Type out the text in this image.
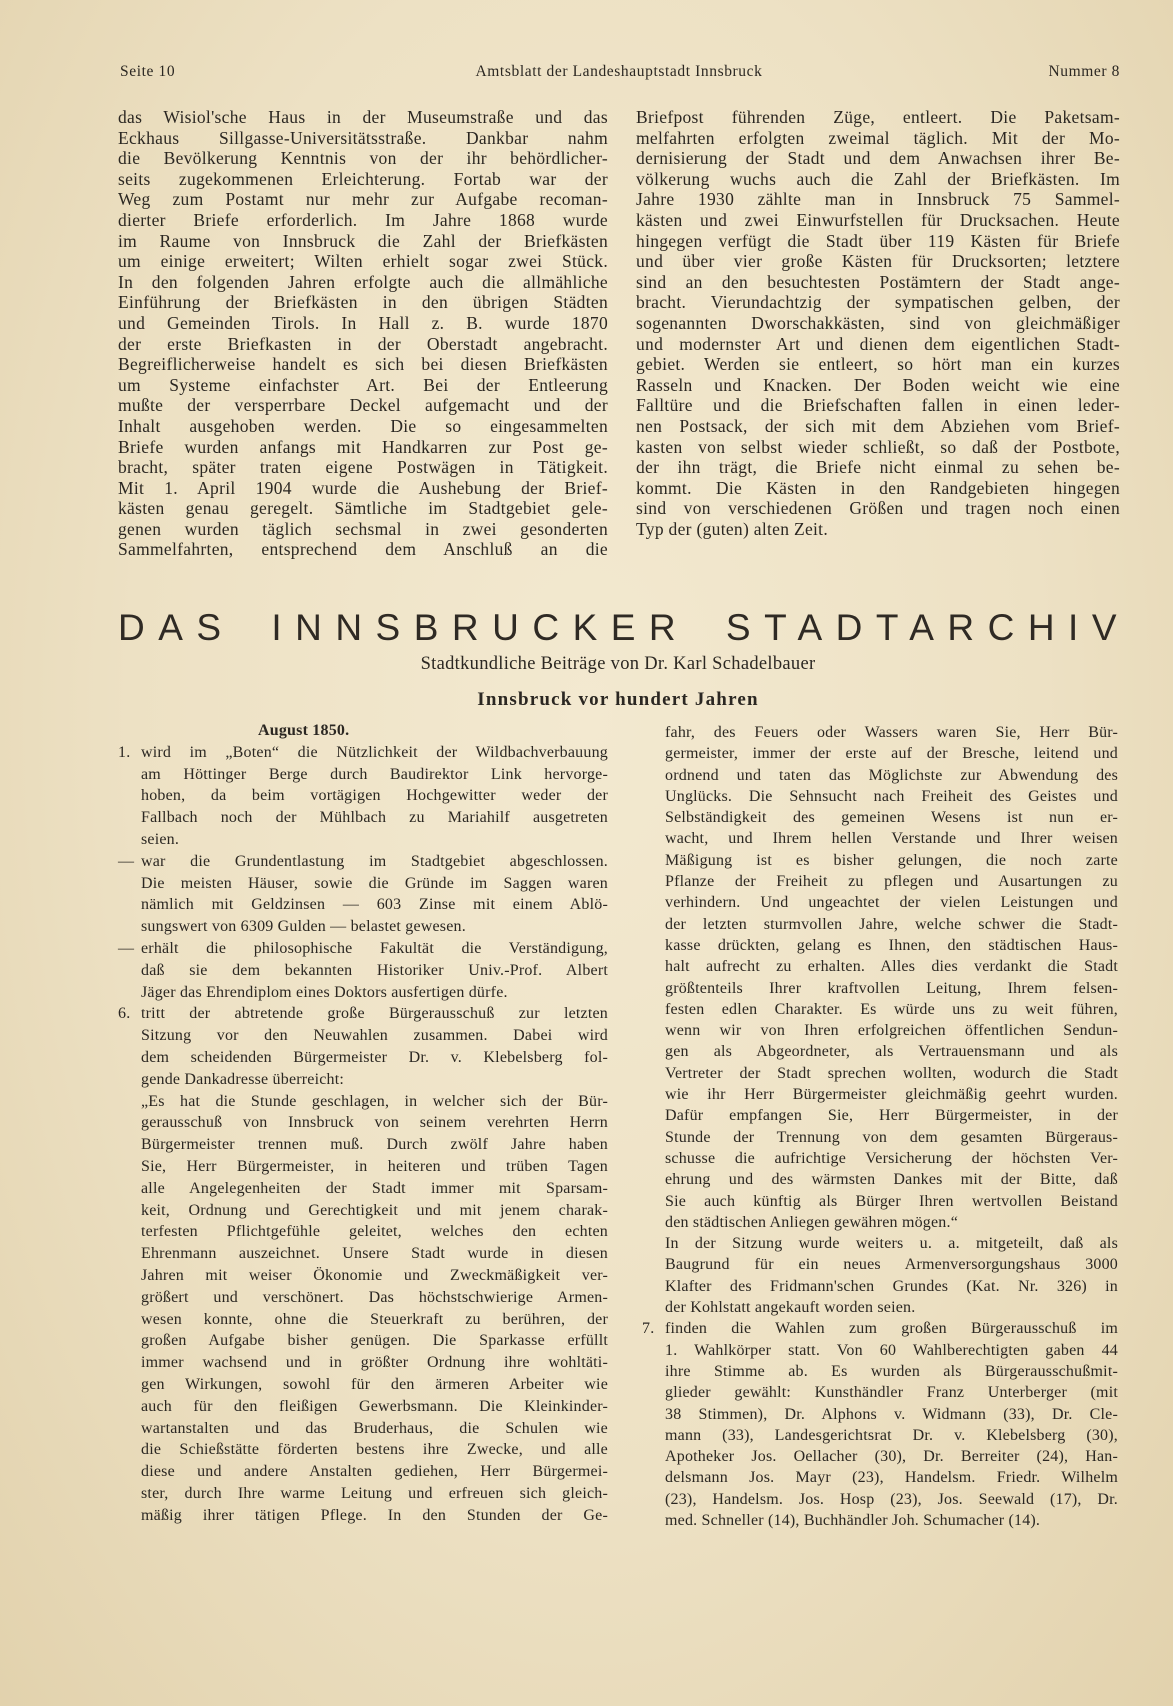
Seite 10	Amtsblatt der Landeshauptstadt Innsbruck	Nummer 8
das Wisiol'sche Haus in der Museumstraße und das
Eckhaus Sillgasse-Universitätsstraße. Dankbar nahm
die Bevölkerung Kenntnis von der ihr behördlicher-
seits zugekommenen Erleichterung. Fortab war der
Weg zum Postamt nur mehr zur Aufgabe recoman-
dierter Briefe erforderlich. Im Jahre 1868 wurde
im Raume von Innsbruck die Zahl der Briefkästen
um einige erweitert; Wilten erhielt sogar zwei Stück.
In den folgenden Jahren erfolgte auch die allmähliche
Einführung der Briefkästen in den übrigen Städten
und Gemeinden Tirols. In Hall z. B. wurde 1870
der erste Briefkasten in der Oberstadt angebracht.
Begreiflicherweise handelt es sich bei diesen Briefkästen
um Systeme einfachster Art. Bei der Entleerung
mußte der versperrbare Deckel aufgemacht und der
Inhalt ausgehoben werden. Die so eingesammelten
Briefe wurden anfangs mit Handkarren zur Post ge-
bracht, später traten eigene Postwägen in Tätigkeit.
Mit 1. April 1904 wurde die Aushebung der Brief-
kästen genau geregelt. Sämtliche im Stadtgebiet gele-
genen wurden täglich sechsmal in zwei gesonderten
Sammelfahrten, entsprechend dem Anschluß an die
Briefpost führenden Züge, entleert. Die Paketsam-
melfahrten erfolgten zweimal täglich. Mit der Mo-
dernisierung der Stadt und dem Anwachsen ihrer Be-
völkerung wuchs auch die Zahl der Briefkästen. Im
Jahre 1930 zählte man in Innsbruck 75 Sammel-
kästen und zwei Einwurfstellen für Drucksachen. Heute
hingegen verfügt die Stadt über 119 Kästen für Briefe
und über vier große Kästen für Drucksorten; letztere
sind an den besuchtesten Postämtern der Stadt ange-
bracht. Vierundachtzig der sympatischen gelben, der
sogenannten Dworschakkästen, sind von gleichmäßiger
und modernster Art und dienen dem eigentlichen Stadt-
gebiet. Werden sie entleert, so hört man ein kurzes
Rasseln und Knacken. Der Boden weicht wie eine
Falltüre und die Briefschaften fallen in einen leder-
nen Postsack, der sich mit dem Abziehen vom Brief-
kasten von selbst wieder schließt, so daß der Postbote,
der ihn trägt, die Briefe nicht einmal zu sehen be-
kommt. Die Kästen in den Randgebieten hingegen
sind von verschiedenen Größen und tragen noch einen
Typ der (guten) alten Zeit.
DAS INNSBRUCKER STADTARCHIV
Stadtkundliche Beiträge von Dr. Karl Schadelbauer
Innsbruck vor hundert Jahren
August 1850.
1. wird im „Boten“ die Nützlichkeit der Wildbachverbauung
am Höttinger Berge durch Baudirektor Link hervorge-
hoben, da beim vortägigen Hochgewitter weder der
Fallbach noch der Mühlbach zu Mariahilf ausgetreten
seien.
— war die Grundentlastung im Stadtgebiet abgeschlossen.
Die meisten Häuser, sowie die Gründe im Saggen waren
nämlich mit Geldzinsen — 603 Zinse mit einem Ablö-
sungswert von 6309 Gulden — belastet gewesen.
— erhält die philosophische Fakultät die Verständigung,
daß sie dem bekannten Historiker Univ.-Prof. Albert
Jäger das Ehrendiplom eines Doktors ausfertigen dürfe.
6. tritt der abtretende große Bürgerausschuß zur letzten
Sitzung vor den Neuwahlen zusammen. Dabei wird
dem scheidenden Bürgermeister Dr. v. Klebelsberg fol-
gende Dankadresse überreicht:
„Es hat die Stunde geschlagen, in welcher sich der Bür-
gerausschuß von Innsbruck von seinem verehrten Herrn
Bürgermeister trennen muß. Durch zwölf Jahre haben
Sie, Herr Bürgermeister, in heiteren und trüben Tagen
alle Angelegenheiten der Stadt immer mit Sparsam-
keit, Ordnung und Gerechtigkeit und mit jenem charak-
terfesten Pflichtgefühle geleitet, welches den echten
Ehrenmann auszeichnet. Unsere Stadt wurde in diesen
Jahren mit weiser Ökonomie und Zweckmäßigkeit ver-
größert und verschönert. Das höchstschwierige Armen-
wesen konnte, ohne die Steuerkraft zu berühren, der
großen Aufgabe bisher genügen. Die Sparkasse erfüllt
immer wachsend und in größter Ordnung ihre wohltäti-
gen Wirkungen, sowohl für den ärmeren Arbeiter wie
auch für den fleißigen Gewerbsmann. Die Kleinkinder-
wartanstalten und das Bruderhaus, die Schulen wie
die Schießstätte förderten bestens ihre Zwecke, und alle
diese und andere Anstalten gediehen, Herr Bürgermei-
ster, durch Ihre warme Leitung und erfreuen sich gleich-
mäßig ihrer tätigen Pflege. In den Stunden der Ge-
fahr, des Feuers oder Wassers waren Sie, Herr Bür-
germeister, immer der erste auf der Bresche, leitend und
ordnend und taten das Möglichste zur Abwendung des
Unglücks. Die Sehnsucht nach Freiheit des Geistes und
Selbständigkeit des gemeinen Wesens ist nun er-
wacht, und Ihrem hellen Verstande und Ihrer weisen
Mäßigung ist es bisher gelungen, die noch zarte
Pflanze der Freiheit zu pflegen und Ausartungen zu
verhindern. Und ungeachtet der vielen Leistungen und
der letzten sturmvollen Jahre, welche schwer die Stadt-
kasse drückten, gelang es Ihnen, den städtischen Haus-
halt aufrecht zu erhalten. Alles dies verdankt die Stadt
größtenteils Ihrer kraftvollen Leitung, Ihrem felsen-
festen edlen Charakter. Es würde uns zu weit führen,
wenn wir von Ihren erfolgreichen öffentlichen Sendun-
gen als Abgeordneter, als Vertrauensmann und als
Vertreter der Stadt sprechen wollten, wodurch die Stadt
wie ihr Herr Bürgermeister gleichmäßig geehrt wurden.
Dafür empfangen Sie, Herr Bürgermeister, in der
Stunde der Trennung von dem gesamten Bürgeraus-
schusse die aufrichtige Versicherung der höchsten Ver-
ehrung und des wärmsten Dankes mit der Bitte, daß
Sie auch künftig als Bürger Ihren wertvollen Beistand
den städtischen Anliegen gewähren mögen.“
In der Sitzung wurde weiters u. a. mitgeteilt, daß als
Baugrund für ein neues Armenversorgungshaus 3000
Klafter des Fridmann'schen Grundes (Kat. Nr. 326) in
der Kohlstatt angekauft worden seien.
7. finden die Wahlen zum großen Bürgerausschuß im
1. Wahlkörper statt. Von 60 Wahlberechtigten gaben 44
ihre Stimme ab. Es wurden als Bürgerausschußmit-
glieder gewählt: Kunsthändler Franz Unterberger (mit
38 Stimmen), Dr. Alphons v. Widmann (33), Dr. Cle-
mann (33), Landesgerichtsrat Dr. v. Klebelsberg (30),
Apotheker Jos. Oellacher (30), Dr. Berreiter (24), Han-
delsmann Jos. Mayr (23), Handelsm. Friedr. Wilhelm
(23), Handelsm. Jos. Hosp (23), Jos. Seewald (17), Dr.
med. Schneller (14), Buchhändler Joh. Schumacher (14).
